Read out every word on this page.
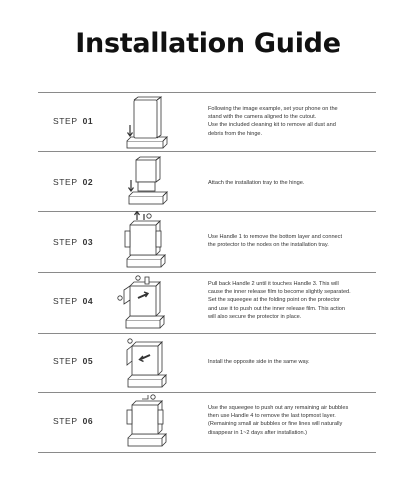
Installation Guide
STEP 01

Following the image example, set your phone on the

stand with the camera aligned to the cutout.

Use the included cleaning kit to remove all dust and

debris from the hinge.

STEP 02	Attach the installation tray to the hinge.

STEP 03	Use Handle 1 to remove the bottom layer and connect

the protector to the nodes on the installation tray.

STEP 04

Pull back Handle 2 until it touches Handle 3. This will

cause the inner release film to become slightly separated.

Set the squeegee at the folding point on the protector

and use it to push out the inner release film. This action

will also secure the protector in place.

STEP 05	Install the opposite side in the same way.

STEP 06

Use the squeegee to push out any remaining air bubbles

then use Handle 4 to remove the last topmost layer.

(Remaining small air bubbles or fine lines will naturally

disappear in 1~2 days after installation.)
